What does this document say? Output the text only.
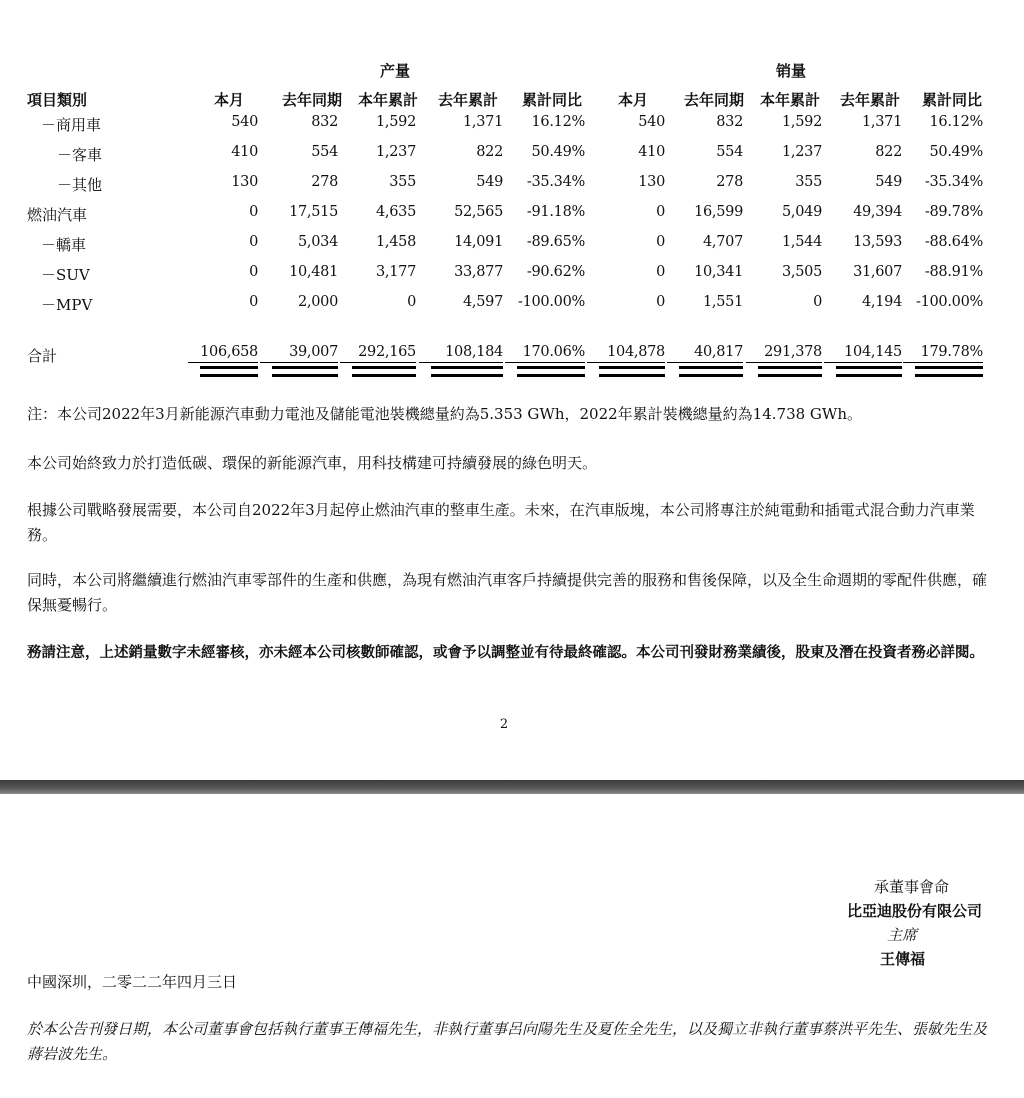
产量	销量
項目類別	本月	去年同期	本年累計	去年累計	累計同比	本月	去年同期	本年累計	去年累計	累計同比
－商用車	540	832	1,592	1,371	16.12%	540	832	1,592	1,371	16.12%
－客車	410	554	1,237	822	50.49%	410	554	1,237	822	50.49%
－其他	130	278	355	549	-35.34%	130	278	355	549	-35.34%
燃油汽車	0	17,515	4,635	52,565	-91.18%	0	16,599	5,049	49,394	-89.78%
－轎車	0	5,034	1,458	14,091	-89.65%	0	4,707	1,544	13,593	-88.64%
－SUV	0	10,481	3,177	33,877	-90.62%	0	10,341	3,505	31,607	-88.91%
－MPV	0	2,000	0	4,597	-100.00%	0	1,551	0	4,194 -100.00%
合計	106,658	39,007	292,165	108,184	170.06%	104,878	40,817	291,378	104,145	179.78%
注：本公司2022年3月新能源汽車動力電池及儲能電池裝機總量約為5.353 GWh，2022年累計裝機總量約為14.738 GWh。
本公司始終致力於打造低碳、環保的新能源汽車，用科技構建可持續發展的綠色明天。
根據公司戰略發展需要，本公司自2022年3月起停止燃油汽車的整車生產。未來，在汽車版塊，本公司將專注於純電動和插電式混合動力汽車業務。
同時，本公司將繼續進行燃油汽車零部件的生產和供應，為現有燃油汽車客戶持續提供完善的服務和售後保障，以及全生命週期的零配件供應，確保無憂暢行。
務請注意，上述銷量數字未經審核，亦未經本公司核數師確認，或會予以調整並有待最終確認。本公司刊發財務業績後，股東及潛在投資者務必詳閱。
2
承董事會命
比亞迪股份有限公司
主席
王傳福
中國深圳，二零二二年四月三日
於本公告刊發日期，本公司董事會包括執行董事王傳福先生，非執行董事呂向陽先生及夏佐全先生，以及獨立非執行董事蔡洪平先生、張敏先生及蔣岩波先生。
